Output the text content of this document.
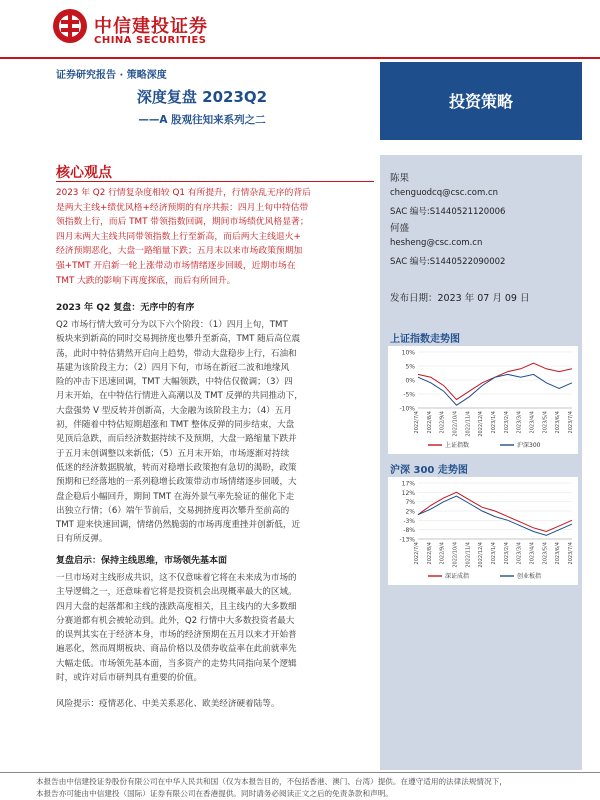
中信建投证券
CHINA SECURITIES
证券研究报告 · 策略深度
深度复盘 2023Q2
——A 股观往知来系列之二
投资策略
陈果
chenguodcq@csc.com.cn
SAC 编号:S1440521120006
何盛
hesheng@csc.com.cn
SAC 编号:S1440522090002
发布日期：2023 年 07 月 09 日
上证指数走势图
10%
5%
0%
-5%
-10%
2022/7/4 2022/8/4 2022/9/4 2022/10/4 2022/11/4 2022/12/4 2023/1/4 2023/2/4 2023/3/4 2023/4/4 2023/5/4 2023/6/4 2023/7/4
上证指数	沪深300
沪深 300 走势图
17%
12%
7%
2%
-3%
-8%
-13%
2022/7/4 2022/8/4 2022/9/4 2022/10/4 2022/11/4 2022/12/4 2023/1/4 2023/2/4 2023/3/4 2023/4/4 2023/5/4 2023/6/4 2023/7/4
深证成指	创业板指
核心观点
2023 年 Q2 行情复杂度相较 Q1 有所提升，行情杂乱无序的背后
是两大主线+绩优风格+经济预期的有序共振：四月上旬中特估带
领指数上行，而后 TMT 带领指数回调，期间市场绩优风格显著；
四月末两大主线共同带领指数上行至新高，而后两大主线退火+
经济预期恶化，大盘一路缩量下跌；五月末以来市场政策预期加
强+TMT 开启新一轮上涨带动市场情绪逐步回暖，近期市场在
TMT 大跌的影响下再度探底，而后有所回升。
2023 年 Q2 复盘：无序中的有序
Q2 市场行情大致可分为以下六个阶段：（1）四月上旬，TMT
板块来到新高的同时交易拥挤度也攀升至新高，TMT 随后高位震
荡，此时中特估猜然开启向上趋势，带动大盘稳步上行，石油和
基建为该阶段主力；（2）四月下旬，市场在新冠二波和地缘风
险的冲击下迅速回调，TMT 大幅领跌，中特估仅微调；（3）四
月末开始，在中特估行情进入高潮以及 TMT 反弹的共同推动下，
大盘强势 V 型反转并创新高，大金融为该阶段主力；（4）五月
初，伴随着中特估短期超涨和 TMT 整体反弹的同步结束，大盘
见顶后急跌，而后经济数据持续不及预期，大盘一路缩量下跌并
于五月末创调整以来新低；（5）五月末开始，市场逐渐对持续
低迷的经济数据脱敏，转而对稳增长政策抱有急切的渴盼，政策
预期和已经落地的一系列稳增长政策带动市场情绪逐步回暖，大
盘企稳后小幅回升，期间 TMT 在海外景气率先验证的催化下走
出独立行情；（6）端午节前后，交易拥挤度再次攀升至前高的
TMT 迎来快速回调，情绪仍然脆弱的市场再度重挫并创新低，近
日有所反弹。
复盘启示：保持主线思维，市场领先基本面
一旦市场对主线形成共识，这不仅意味着它将在未来成为市场的
主导逻辑之一，还意味着它将是投资机会出现概率最大的区域。
四月大盘的起落都和主线的涨跌高度相关，且主线内的大多数细
分赛道都有机会被轮动到。此外，Q2 行情中大多数投资者最大
的误判其实在于经济本身，市场的经济预期在五月以来才开始普
遍恶化，然而周期板块、商品价格以及债券收益率在此前就率先
大幅走低。市场领先基本面，当多资产的走势共同指向某个逻辑
时，或许对后市研判具有重要的价值。
风险提示：疫情恶化、中美关系恶化、欧美经济硬着陆等。
本报告由中信建投证券股份有限公司在中华人民共和国（仅为本报告目的，不包括香港、澳门、台湾）提供。在遵守适用的法律法规情况下，
本报告亦可能由中信建投（国际）证券有限公司在香港提供。同时请务必阅读正文之后的免责条款和声明。
